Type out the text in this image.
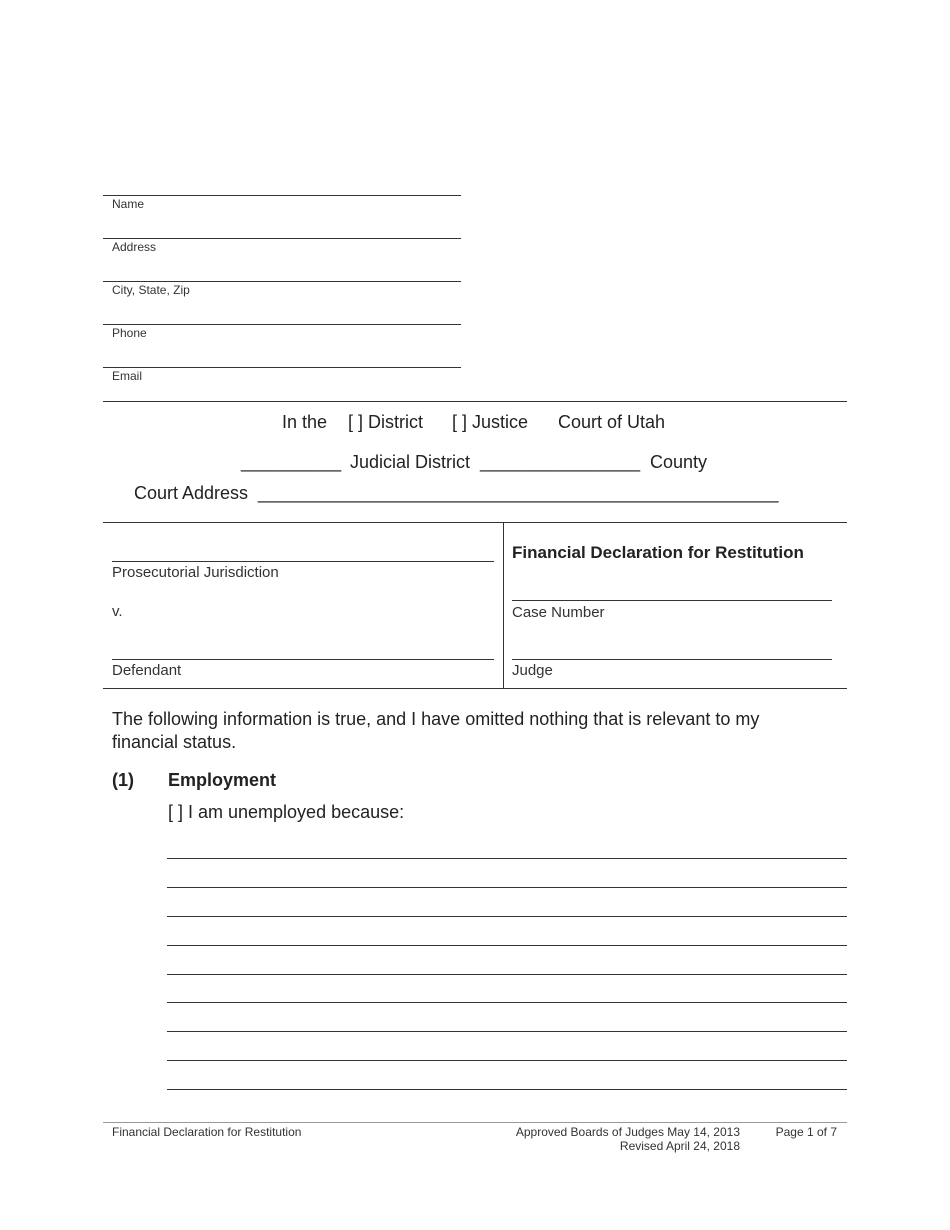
Name
Address
City, State, Zip
Phone
Email
In the [ ] District [ ] Justice Court of Utah
__________ Judicial District ________________ County
Court Address ____________________________________________________
Prosecutorial Jurisdiction
v.
Defendant
Financial Declaration for Restitution
Case Number
Judge
The following information is true, and I have omitted nothing that is relevant to my financial status.
(1) Employment
[ ] I am unemployed because:
Financial Declaration for Restitution	Approved Boards of Judges May 14, 2013
Revised April 24, 2018
Page 1 of 7
